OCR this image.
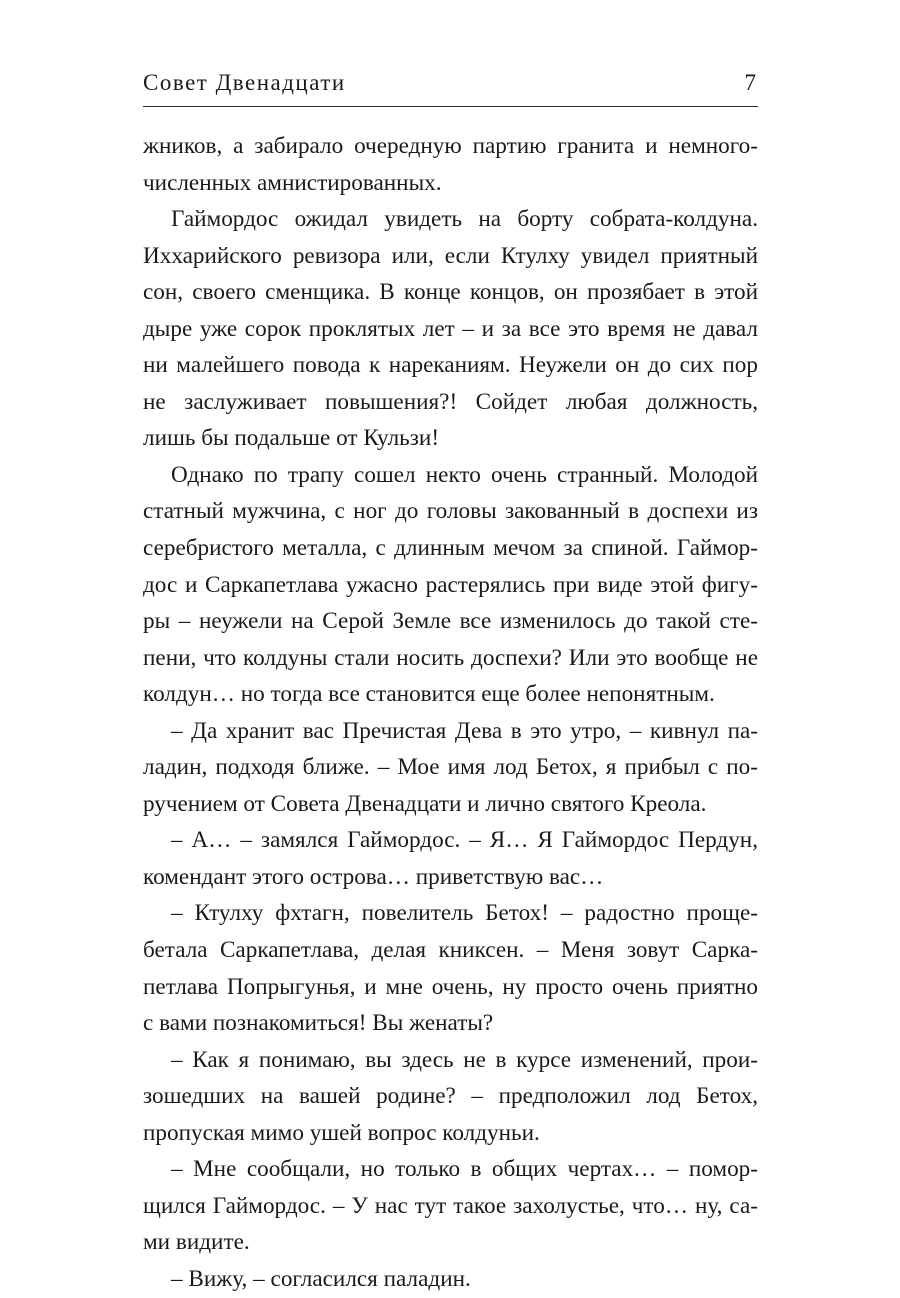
Совет Двенадцати	7
жников, а забирало очередную партию гранита и немного-
численных амнистированных.
Гаймордос ожидал увидеть на борту собрата-колдуна.
Иххарийского ревизора или, если Ктулху увидел приятный
сон, своего сменщика. В конце концов, он прозябает в этой
дыре уже сорок проклятых лет – и за все это время не давал
ни малейшего повода к нареканиям. Неужели он до сих пор
не заслуживает повышения?! Сойдет любая должность,
лишь бы подальше от Кульзи!
Однако по трапу сошел некто очень странный. Молодой
статный мужчина, с ног до головы закованный в доспехи из
серебристого металла, с длинным мечом за спиной. Гаймор-
дос и Саркапетлава ужасно растерялись при виде этой фигу-
ры – неужели на Серой Земле все изменилось до такой сте-
пени, что колдуны стали носить доспехи? Или это вообще не
колдун… но тогда все становится еще более непонятным.
– Да хранит вас Пречистая Дева в это утро, – кивнул па-
ладин, подходя ближе. – Мое имя лод Бетох, я прибыл с по-
ручением от Совета Двенадцати и лично святого Креола.
– А… – замялся Гаймордос. – Я… Я Гаймордос Пердун,
комендант этого острова… приветствую вас…
– Ктулху фхтагн, повелитель Бетох! – радостно проще-
бетала Саркапетлава, делая книксен. – Меня зовут Сарка-
петлава Попрыгунья, и мне очень, ну просто очень приятно
с вами познакомиться! Вы женаты?
– Как я понимаю, вы здесь не в курсе изменений, прои-
зошедших на вашей родине? – предположил лод Бетох,
пропуская мимо ушей вопрос колдуньи.
– Мне сообщали, но только в общих чертах… – помор-
щился Гаймордос. – У нас тут такое захолустье, что… ну, са-
ми видите.
– Вижу, – согласился паладин.
